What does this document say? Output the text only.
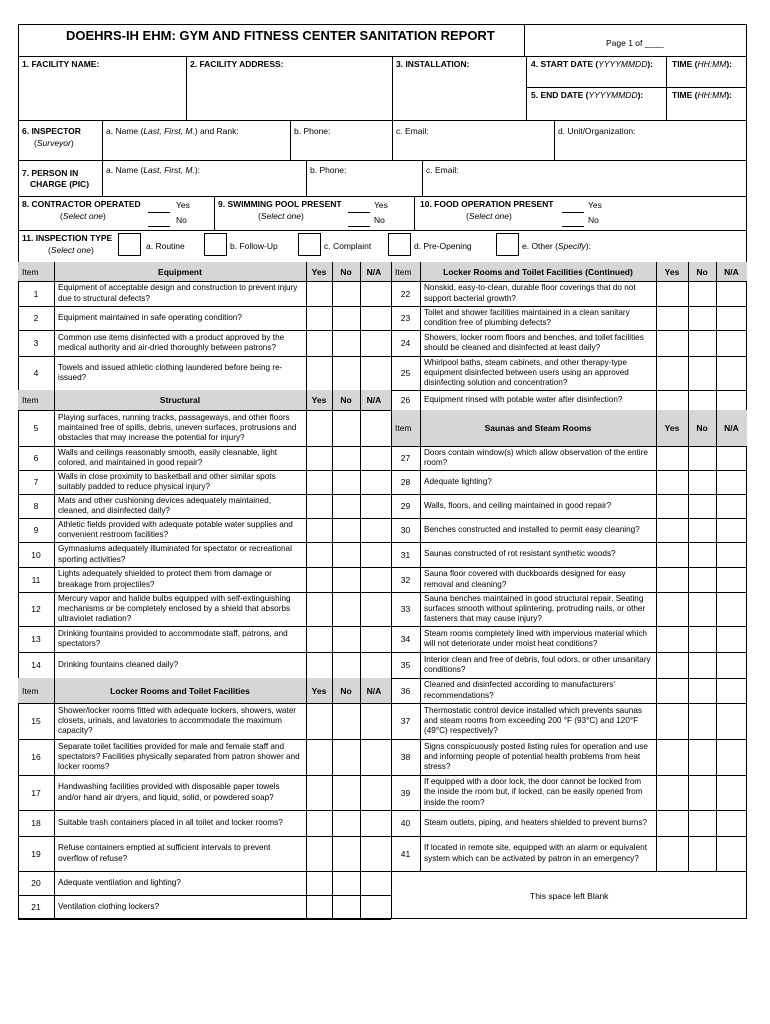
DOEHRS-IH EHM: GYM AND FITNESS CENTER SANITATION REPORT	Page 1 of ____
1. FACILITY NAME:	2. FACILITY ADDRESS:	3. INSTALLATION:	4. START DATE (YYYYMMDD): TIME (HH:MM):
5. END DATE (YYYYMMDD):	TIME (HH:MM):
6. INSPECTOR
(Surveyor)
a. Name (Last, First, M.) and Rank:	b. Phone:	c. Email:	d. Unit/Organization:
7. PERSON IN
CHARGE (PIC)
a. Name (Last, First, M.):	b. Phone:	c. Email:
8. CONTRACTOR OPERATED
(Select one)
Yes
No
9. SWIMMING POOL PRESENT
(Select one)
Yes
No
10. FOOD OPERATION PRESENT
(Select one)
Yes
No
11. INSPECTION TYPE
(Select one)	a. Routine	b. Follow-Up	c. Complaint	d. Pre-Opening	e. Other (Specify):
This space left Blank
Item	Equipment	Yes	No	N/A
1
Equipment of acceptable design and construction to prevent injury due to structural defects?
2	Equipment maintained in safe operating condition?
3
Common use items disinfected with a product approved by the medical authority and air-dried thoroughly between patrons?
4
Towels and issued athletic clothing laundered before being re-issued?
Item	Structural	Yes	No	N/A
5
Playing surfaces, running tracks, passageways, and other floors maintained free of spills, debris, uneven surfaces, protrusions and obstacles that may increase the potential for injury?
6
Walls and ceilings reasonably smooth, easily cleanable, light colored, and maintained in good repair?
7
Walls in close proximity to basketball and other similar spots suitably padded to reduce physical injury?
8
Mats and other cushioning devices adequately maintained, cleaned, and disinfected daily?
9
Athletic fields provided with adequate potable water supplies and convenient restroom facilities?
10
Gymnasiums adequately illuminated for spectator or recreational sporting activities?
11
Lights adequately shielded to protect them from damage or breakage from projectiles?
12
Mercury vapor and halide bulbs equipped with self-extinguishing mechanisms or be completely enclosed by a shield that absorbs ultraviolet radiation?
13
Drinking fountains provided to accommodate staff, patrons, and spectators?
14	Drinking fountains cleaned daily?
Item	Locker Rooms and Toilet Facilities	Yes	No	N/A
15
Shower/locker rooms fitted with adequate lockers, showers, water closets, urinals, and lavatories to accommodate the maximum capacity?
16
Separate toilet facilities provided for male and female staff and spectators? Facilities physically separated from patron shower and locker rooms?
17
Handwashing facilities provided with disposable paper towels and/or hand air dryers, and liquid, solid, or powdered soap?
18	Suitable trash containers placed in all toilet and locker rooms?
19
Refuse containers emptied at sufficient intervals to prevent overflow of refuse?
20	Adequate ventilation and lighting?
21	Ventilation clothing lockers?
Item	Locker Rooms and Toilet Facilities (Continued)	Yes	No	N/A
22
Nonskid, easy-to-clean, durable floor coverings that do not support bacterial growth?
23
Toilet and shower facilities maintained in a clean sanitary condition free of plumbing defects?
24
Showers, locker room floors and benches, and toilet facilities should be cleaned and disinfected at least daily?
25
Whirlpool baths, steam cabinets, and other therapy-type equipment disinfected between users using an approved disinfecting solution and concentration?
26	Equipment rinsed with potable water after disinfection?
Item	Saunas and Steam Rooms	Yes	No	N/A
27
Doors contain window(s) which allow observation of the entire room?
28	Adequate lighting?
29	Walls, floors, and ceiling maintained in good repair?
30	Benches constructed and installed to permit easy cleaning?
31	Saunas constructed of rot resistant synthetic woods?
32
Sauna floor covered with duckboards designed for easy removal and cleaning?
33
Sauna benches maintained in good structural repair. Seating surfaces smooth without splintering, protruding nails, or other fasteners that may cause injury?
34
Steam rooms completely lined with impervious material which will not deteriorate under moist heat conditions?
35
Interior clean and free of debris, foul odors, or other unsanitary conditions?
36
Cleaned and disinfected according to manufacturers' recommendations?
37
Thermostatic control device installed which prevents saunas and steam rooms from exceeding 200 °F (93°C) and 120°F (49°C) respectively?
38
Signs conspicuously posted listing rules for operation and use and informing people of potential health problems from heat stress?
39
If equipped with a door lock, the door cannot be locked from the inside the room but, if locked, can be easily opened from inside the room?
40	Steam outlets, piping, and heaters shielded to prevent burns?
41
If located in remote site, equipped with an alarm or equivalent system which can be activated by patron in an emergency?
